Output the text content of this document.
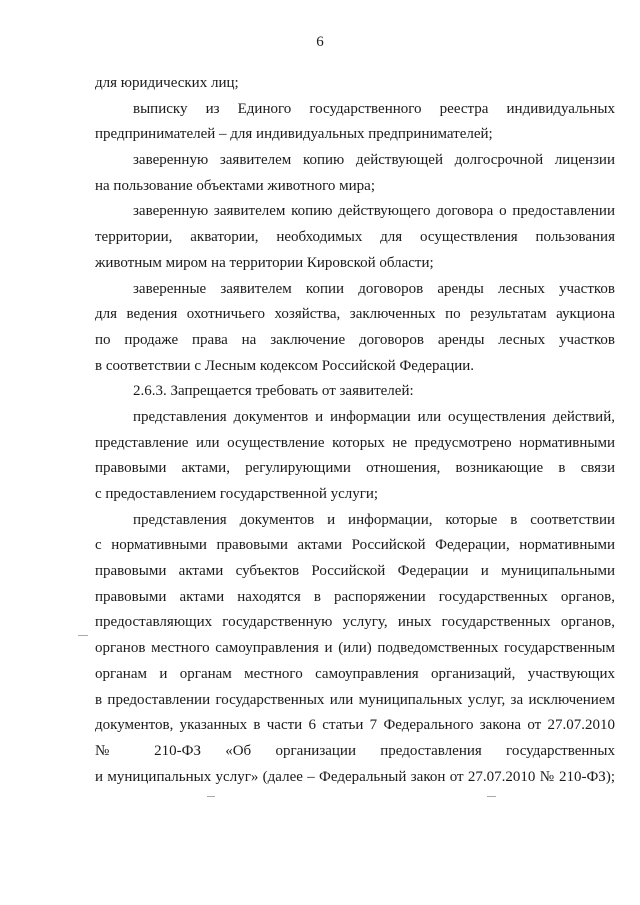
6
для юридических лиц;
выписку из Единого государственного реестра индивидуальных
предпринимателей – для индивидуальных предпринимателей;
заверенную заявителем копию действующей долгосрочной лицензии
на пользование объектами животного мира;
заверенную заявителем копию действующего договора о предоставлении
территории, акватории, необходимых для осуществления пользования
животным миром на территории Кировской области;
заверенные заявителем копии договоров аренды лесных участков
для ведения охотничьего хозяйства, заключенных по результатам аукциона
по продаже права на заключение договоров аренды лесных участков
в соответствии с Лесным кодексом Российской Федерации.
2.6.3. Запрещается требовать от заявителей:
представления документов и информации или осуществления действий,
представление или осуществление которых не предусмотрено нормативными
правовыми актами, регулирующими отношения, возникающие в связи
с предоставлением государственной услуги;
представления документов и информации, которые в соответствии
с нормативными правовыми актами Российской Федерации, нормативными
правовыми актами субъектов Российской Федерации и муниципальными
правовыми актами находятся в распоряжении государственных органов,
предоставляющих государственную услугу, иных государственных органов,
органов местного самоуправления и (или) подведомственных государственным
органам и органам местного самоуправления организаций, участвующих
в предоставлении государственных или муниципальных услуг, за исключением
документов, указанных в части 6 статьи 7 Федерального закона от 27.07.2010
№ 210-ФЗ «Об организации предоставления государственных
и муниципальных услуг» (далее – Федеральный закон от 27.07.2010 № 210-ФЗ);
